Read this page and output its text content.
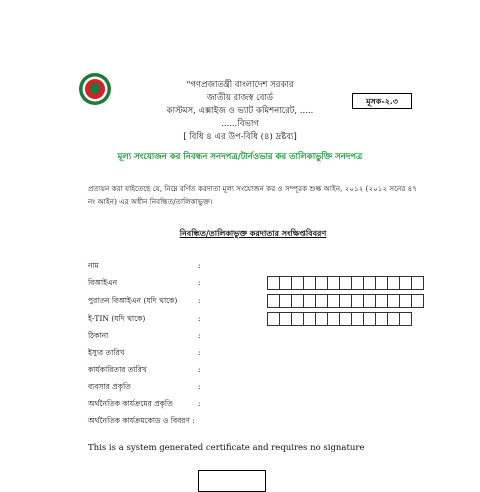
"গণপ্রজাতন্ত্রী বাংলাদেশ সরকার
জাতীয় রাজস্ব বোর্ড
কাস্টমস, এক্সাইজ ও ভ্যাট কমিশনারেট, .....
......বিভাগ
[ বিধি ৪ এর উপ-বিধি (৪) দ্রষ্টব্য]
মূসক-২.৩
মূল্য সংযোজন কর নিবন্ধন সনদপত্র/টার্নওভার কর তালিকাভুক্তি সনদপত্র
প্রত্যয়ন করা যাইতেছে যে, নিম্নে বর্ণিত করদাতা মূল্য সংযোজন কর ও সম্পূরক শুল্ক আইন, ২০১২ (২০১২ সনের ৪৭ নং আইন) এর অধীন নিবন্ধিত/তালিকাভুক্ত।
নিবন্ধিত/তালিকাভুক্ত করদাতার সংক্ষিপ্তবিবরণ
নাম	:
বিআইএন	:
পুরাতন বিআইএন (যদি থাকে)	:
ই-TIN (যদি থাকে)	:
ঠিকানা	:
ইস্যুর তারিখ	:
কার্যকারিতার তারিখ	:
ব্যবসার প্রকৃতি	:
অর্থনৈতিক কার্যক্রমের প্রকৃতি	:
অর্থনৈতিক কার্যক্রমকোড ও বিবরণ :
This is a system generated certificate and requires no signature
